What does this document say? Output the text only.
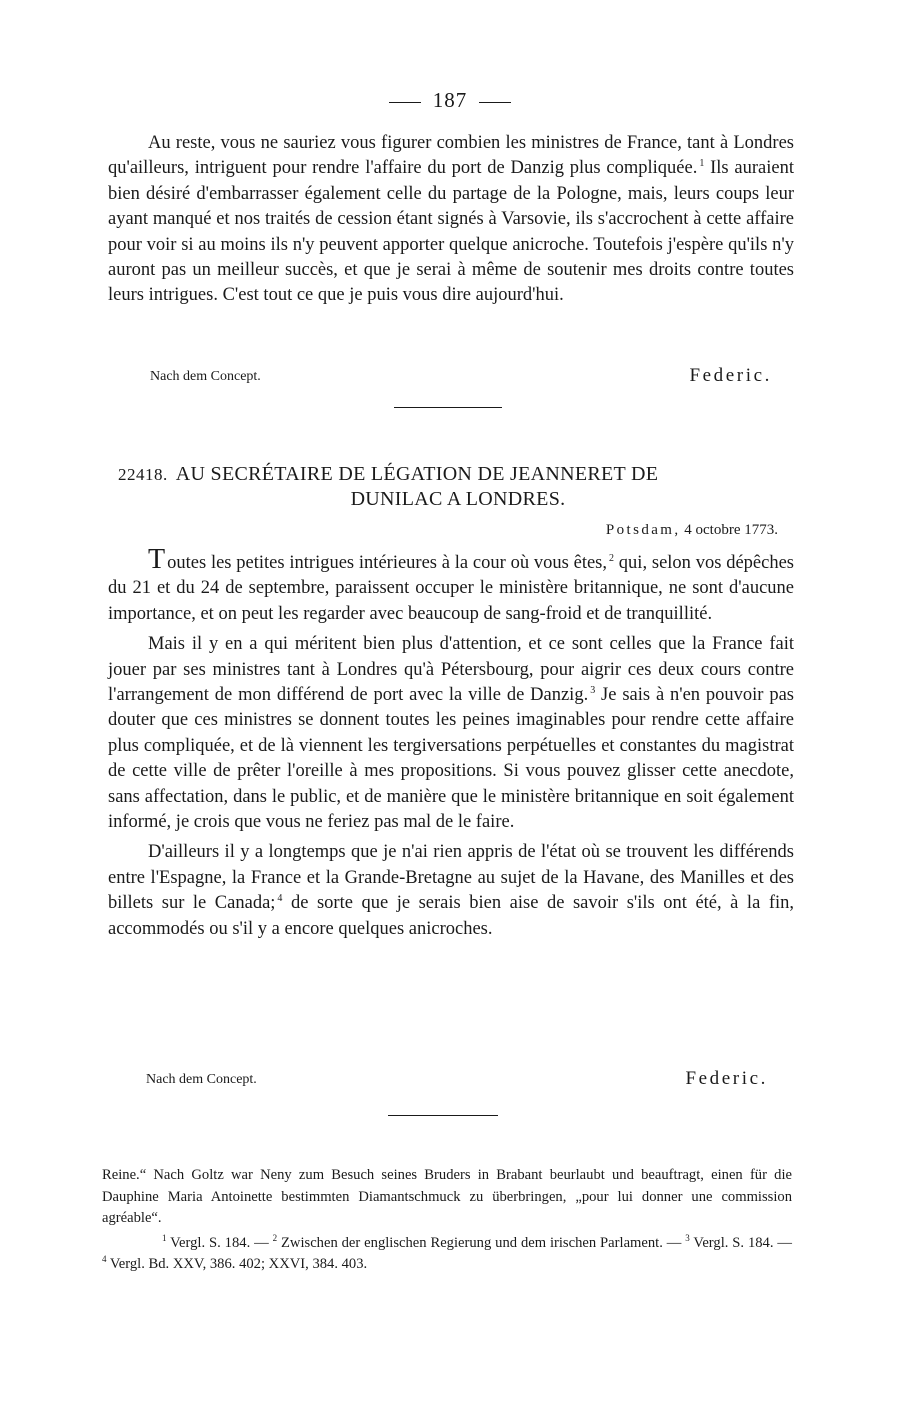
187

Au reste, vous ne sauriez vous figurer combien les ministres de France, tant à Londres qu'ailleurs, intriguent pour rendre l'affaire du port de Danzig plus compliquée. $^1$ Ils auraient bien désiré d'embarrasser également celle du partage de la Pologne, mais, leurs coups leur ayant manqué et nos traités de cession étant signés à Varsovie, ils s'accrochent à cette affaire pour voir si au moins ils n'y peuvent apporter quelque anicroche. Toutefois j'espère qu'ils n'y auront pas un meilleur succès, et que je serai à même de soutenir mes droits contre toutes leurs intrigues. C'est tout ce que je puis vous dire aujourd'hui.

Nach dem Concept.	Federic.
22418. AU SECRÉTAIRE DE LÉGATION DE JEANNERET DE
DUNILAC A LONDRES.
Potsdam, 4 octobre 1773.

Toutes les petites intrigues intérieures à la cour où vous êtes, $^2$ qui, selon vos dépêches du 21 et du 24 de septembre, paraissent occuper le ministère britannique, ne sont d'aucune importance, et on peut les regarder avec beaucoup de sang-froid et de tranquillité.

Mais il y en a qui méritent bien plus d'attention, et ce sont celles que la France fait jouer par ses ministres tant à Londres qu'à Pétersbourg, pour aigrir ces deux cours contre l'arrangement de mon différend de port avec la ville de Danzig. $^3$ Je sais à n'en pouvoir pas douter que ces ministres se donnent toutes les peines imaginables pour rendre cette affaire plus compliquée, et de là viennent les tergiversations perpétuelles et constantes du magistrat de cette ville de prêter l'oreille à mes propositions. Si vous pouvez glisser cette anecdote, sans affectation, dans le public, et de manière que le ministère britannique en soit également informé, je crois que vous ne feriez pas mal de le faire.

D'ailleurs il y a longtemps que je n'ai rien appris de l'état où se trouvent les différends entre l'Espagne, la France et la Grande-Bretagne au sujet de la Havane, des Manilles et des billets sur le Canada; $^4$ de sorte que je serais bien aise de savoir s'ils ont été, à la fin, accommodés ou s'il y a encore quelques anicroches.

Nach dem Concept.	Federic.

Reine.“ Nach Goltz war Neny zum Besuch seines Bruders in Brabant beurlaubt und beauftragt, einen für die Dauphine Maria Antoinette bestimmten Diamantschmuck zu überbringen, „pour lui donner une commission agréable“.

$^1$ Vergl. S. 184. — $^2$ Zwischen der englischen Regierung und dem irischen Parlament. — $^3$ Vergl. S. 184. — $^4$ Vergl. Bd. XXV, 386. 402; XXVI, 384. 403.
